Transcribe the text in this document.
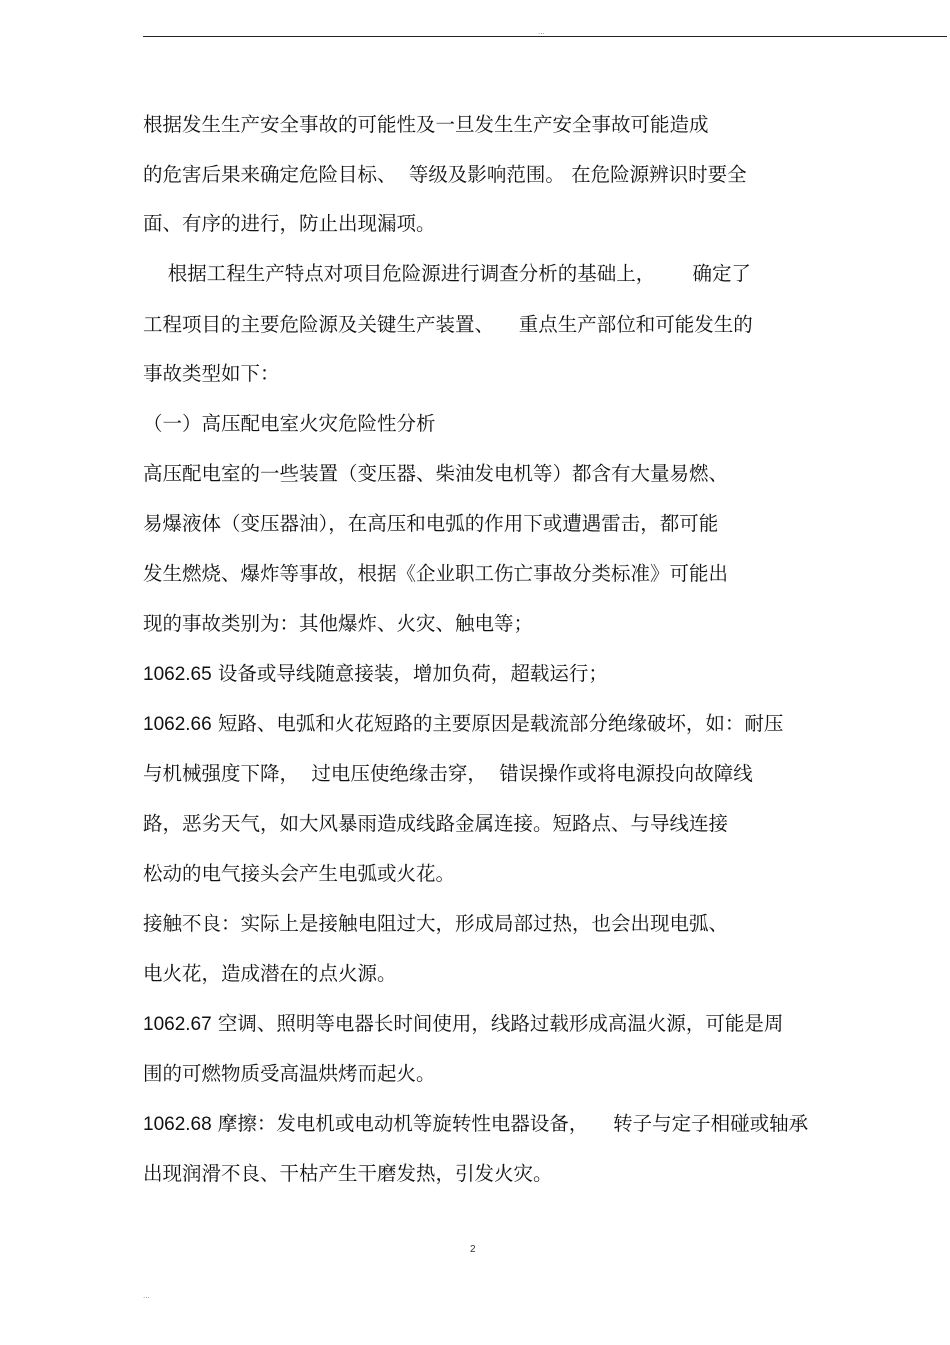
...
根据发生生产安全事故的可能性及一旦发生生产安全事故可能造成
的危害后果来确定危险目标、  等级及影响范围。 在危险源辨识时要全
面、有序的进行，防止出现漏项。
根据工程生产特点对项目危险源进行调查分析的基础上，      确定了
工程项目的主要危险源及关键生产装置、    重点生产部位和可能发生的
事故类型如下：
（一）高压配电室火灾危险性分析
高压配电室的一些装置（变压器、柴油发电机等）都含有大量易燃、
易爆液体（变压器油），在高压和电弧的作用下或遭遇雷击，都可能
发生燃烧、爆炸等事故，根据《企业职工伤亡事故分类标准》可能出
现的事故类别为：其他爆炸、火灾、触电等；
1062.65 设备或导线随意接装，增加负荷，超载运行；
1062.66 短路、电弧和火花短路的主要原因是载流部分绝缘破坏，如：耐压
与机械强度下降，  过电压使绝缘击穿，  错误操作或将电源投向故障线
路，恶劣天气，如大风暴雨造成线路金属连接。短路点、与导线连接
松动的电气接头会产生电弧或火花。
接触不良：实际上是接触电阻过大，形成局部过热，也会出现电弧、
电火花，造成潜在的点火源。
1062.67 空调、照明等电器长时间使用，线路过载形成高温火源，可能是周
围的可燃物质受高温烘烤而起火。
1062.68 摩擦：发电机或电动机等旋转性电器设备，    转子与定子相碰或轴承
出现润滑不良、干枯产生干磨发热，引发火灾。
2
...
